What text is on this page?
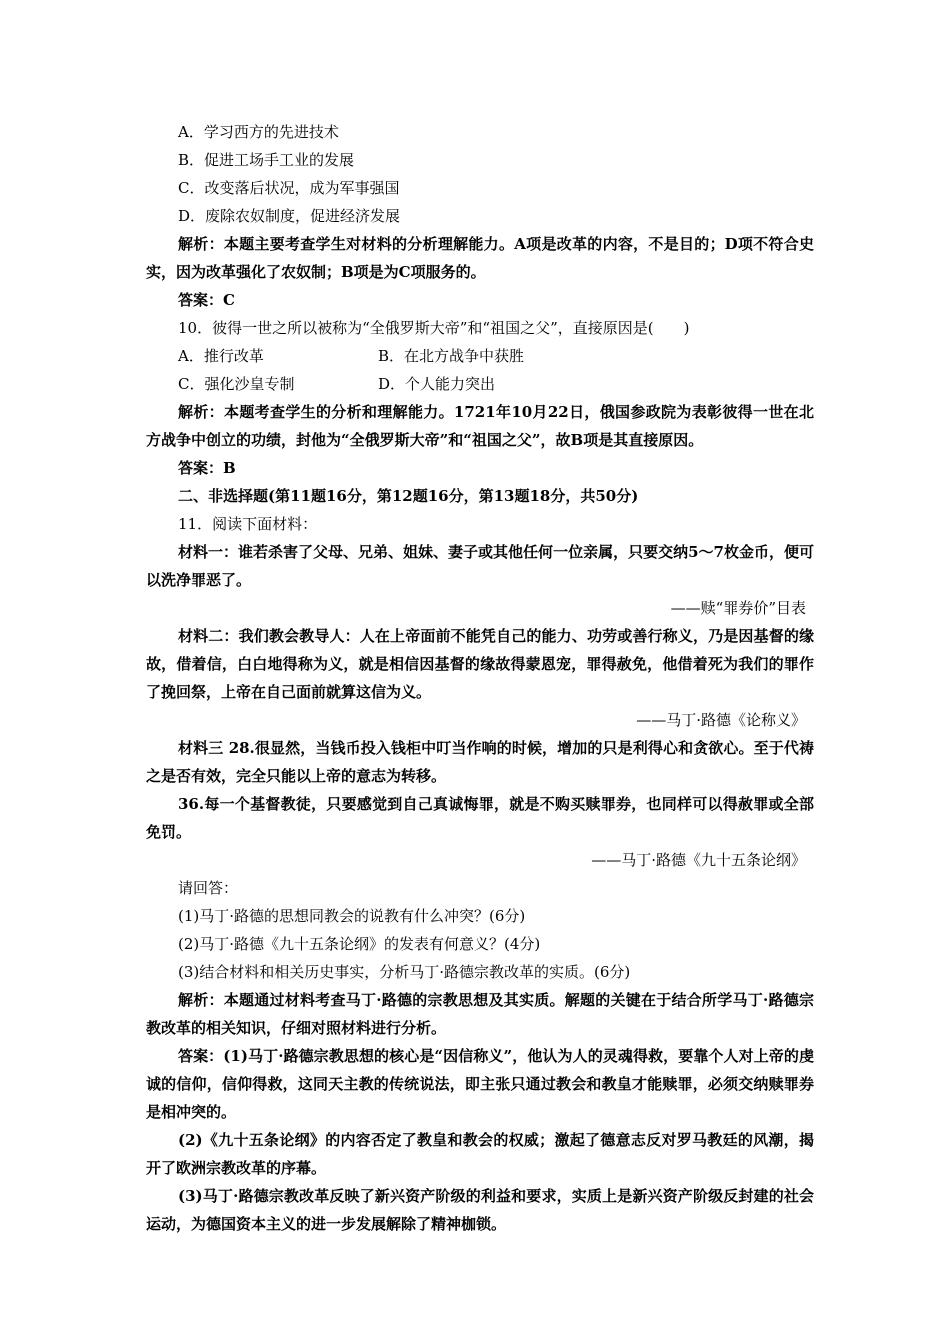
A．学习西方的先进技术

B．促进工场手工业的发展

C．改变落后状况，成为军事强国

D．废除农奴制度，促进经济发展

解析：本题主要考查学生对材料的分析理解能力。A项是改革的内容，不是目的；D项不符合史实，因为改革强化了农奴制；B项是为C项服务的。

答案：C

10．彼得一世之所以被称为“全俄罗斯大帝”和“祖国之父”，直接原因是(　　)

A．推行改革	B．在北方战争中获胜
C．强化沙皇专制	D．个人能力突出

解析：本题考查学生的分析和理解能力。1721年10月22日，俄国参政院为表彰彼得一世在北方战争中创立的功绩，封他为“全俄罗斯大帝”和“祖国之父”，故B项是其直接原因。

答案：B

二、非选择题(第11题16分，第12题16分，第13题18分，共50分)

11．阅读下面材料：

材料一：谁若杀害了父母、兄弟、姐妹、妻子或其他任何一位亲属，只要交纳5～7枚金币，便可以洗净罪恶了。

——赎“罪券价”目表

材料二：我们教会教导人：人在上帝面前不能凭自己的能力、功劳或善行称义，乃是因基督的缘故，借着信，白白地得称为义，就是相信因基督的缘故得蒙恩宠，罪得赦免，他借着死为我们的罪作了挽回祭，上帝在自己面前就算这信为义。

——马丁·路德《论称义》

材料三 28.很显然，当钱币投入钱柜中叮当作响的时候，增加的只是利得心和贪欲心。至于代祷之是否有效，完全只能以上帝的意志为转移。

36.每一个基督教徒，只要感觉到自己真诚悔罪，就是不购买赎罪券，也同样可以得赦罪或全部免罚。

——马丁·路德《九十五条论纲》

请回答：

(1)马丁·路德的思想同教会的说教有什么冲突？(6分)

(2)马丁·路德《九十五条论纲》的发表有何意义？(4分)

(3)结合材料和相关历史事实，分析马丁·路德宗教改革的实质。(6分)

解析：本题通过材料考查马丁·路德的宗教思想及其实质。解题的关键在于结合所学马丁·路德宗教改革的相关知识，仔细对照材料进行分析。

答案：(1)马丁·路德宗教思想的核心是“因信称义”，他认为人的灵魂得救，要靠个人对上帝的虔诚的信仰，信仰得救，这同天主教的传统说法，即主张只通过教会和教皇才能赎罪，必须交纳赎罪券是相冲突的。

(2)《九十五条论纲》的内容否定了教皇和教会的权威；激起了德意志反对罗马教廷的风潮，揭开了欧洲宗教改革的序幕。

(3)马丁·路德宗教改革反映了新兴资产阶级的利益和要求，实质上是新兴资产阶级反封建的社会运动，为德国资本主义的进一步发展解除了精神枷锁。
